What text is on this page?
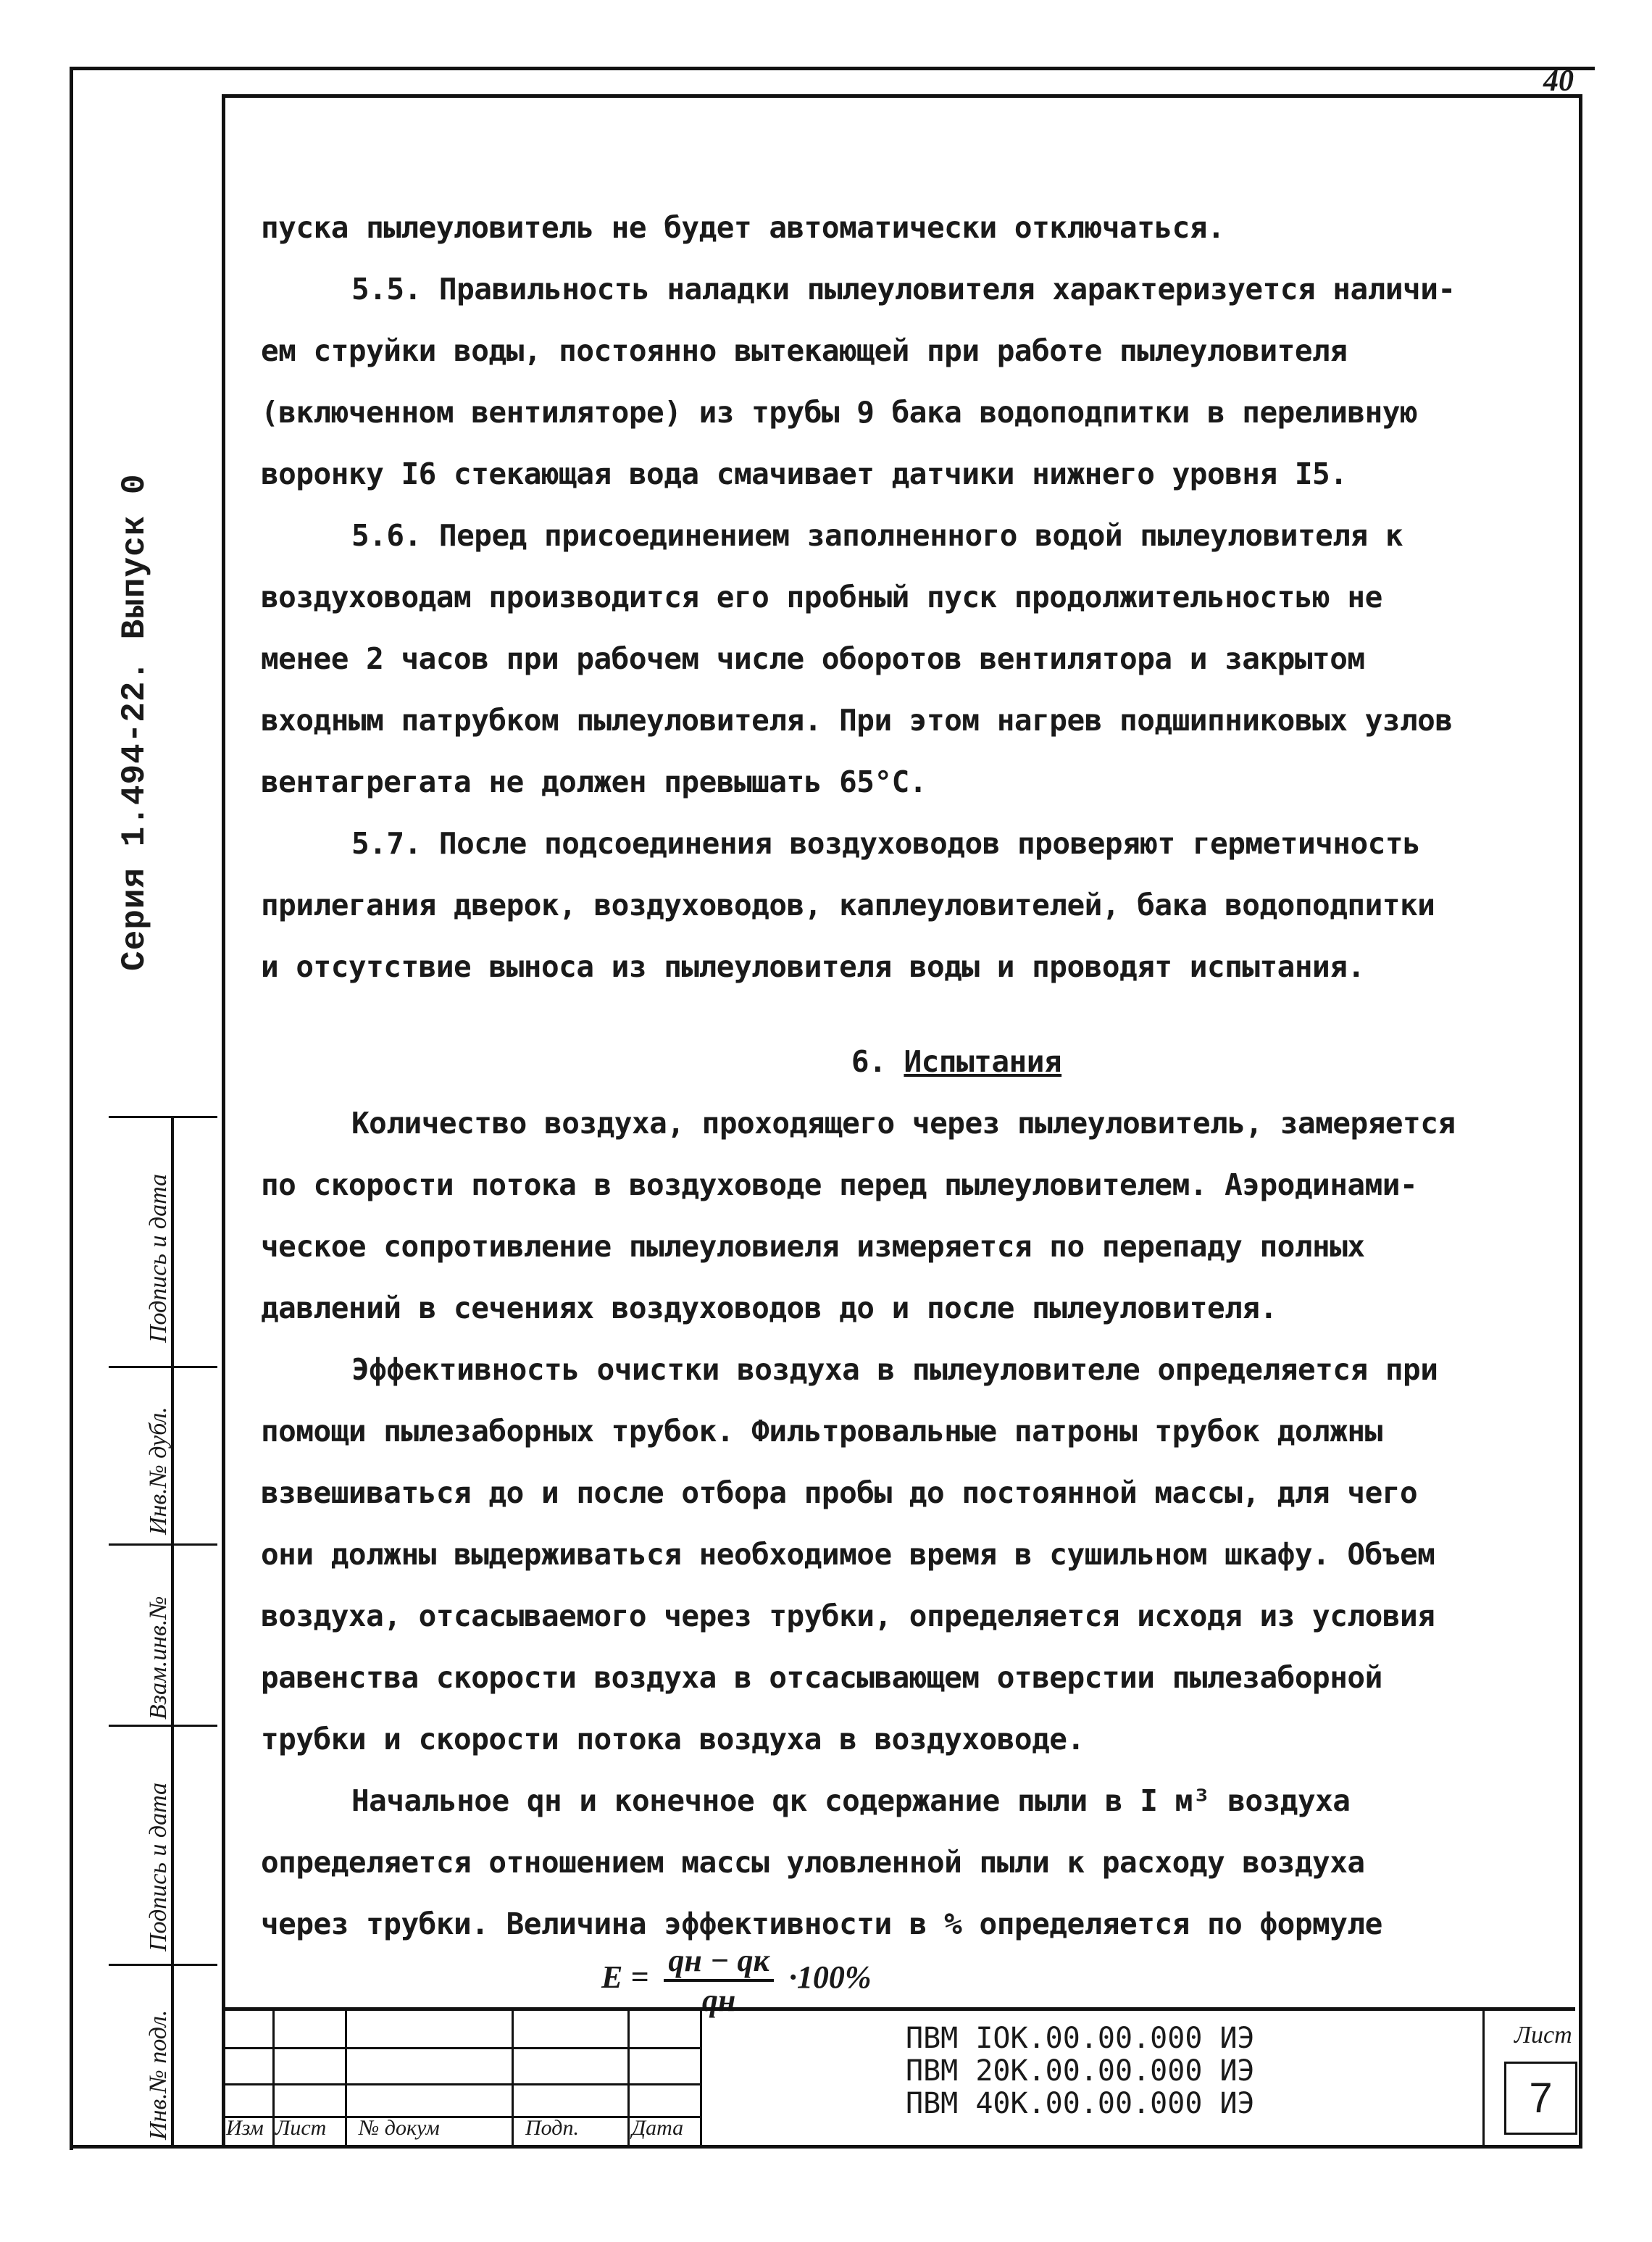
40
Серия 1.494-22. Выпуск 0
Подпись и дата
Инв.№ дубл.
Взам.инв.№
Подпись и дата
Инв.№ подл.
пуска пылеуловитель не будет автоматически отключаться.
5.5. Правильность наладки пылеуловителя характеризуется наличи-
ем струйки воды, постоянно вытекающей при работе пылеуловителя
(включенном вентиляторе) из трубы 9 бака водоподпитки в переливную
воронку I6 стекающая вода смачивает датчики нижнего уровня I5.
5.6. Перед присоединением заполненного водой пылеуловителя к
воздуховодам производится его пробный пуск продолжительностью не
менее 2 часов при рабочем числе оборотов вентилятора и закрытом
входным патрубком пылеуловителя. При этом нагрев подшипниковых узлов
вентагрегата не должен превышать 65°С.
5.7. После подсоединения воздуховодов проверяют герметичность
прилегания дверок, воздуховодов, каплеуловителей, бака водоподпитки
и отсутствие выноса из пылеуловителя воды и проводят испытания.
6. Испытания
Количество воздуха, проходящего через пылеуловитель, замеряется
по скорости потока в воздуховоде перед пылеуловителем. Аэродинами-
ческое сопротивление пылеуловиеля измеряется по перепаду полных
давлений в сечениях воздуховодов до и после пылеуловителя.
Эффективность очистки воздуха в пылеуловителе определяется при
помощи пылезаборных трубок. Фильтровальные патроны трубок должны
взвешиваться до и после отбора пробы до постоянной массы, для чего
они должны выдерживаться необходимое время в сушильном шкафу. Объем
воздуха, отсасываемого через трубки, определяется исходя из условия
равенства скорости воздуха в отсасывающем отверстии пылезаборной
трубки и скорости потока воздуха в воздуховоде.
Начальное qн и конечное qк содержание пыли в I м³ воздуха
определяется отношением массы уловленной пыли к расходу воздуха
через трубки. Величина эффективности в % определяется по формуле
$E = \frac{qн - qк}{qн} \cdot 100\%$
Изм Лист № докум	Подп. Дата
ПВМ IOК.00.00.000 ИЭ
ПВМ 20К.00.00.000 ИЭ
ПВМ 40К.00.00.000 ИЭ
Лист
7
